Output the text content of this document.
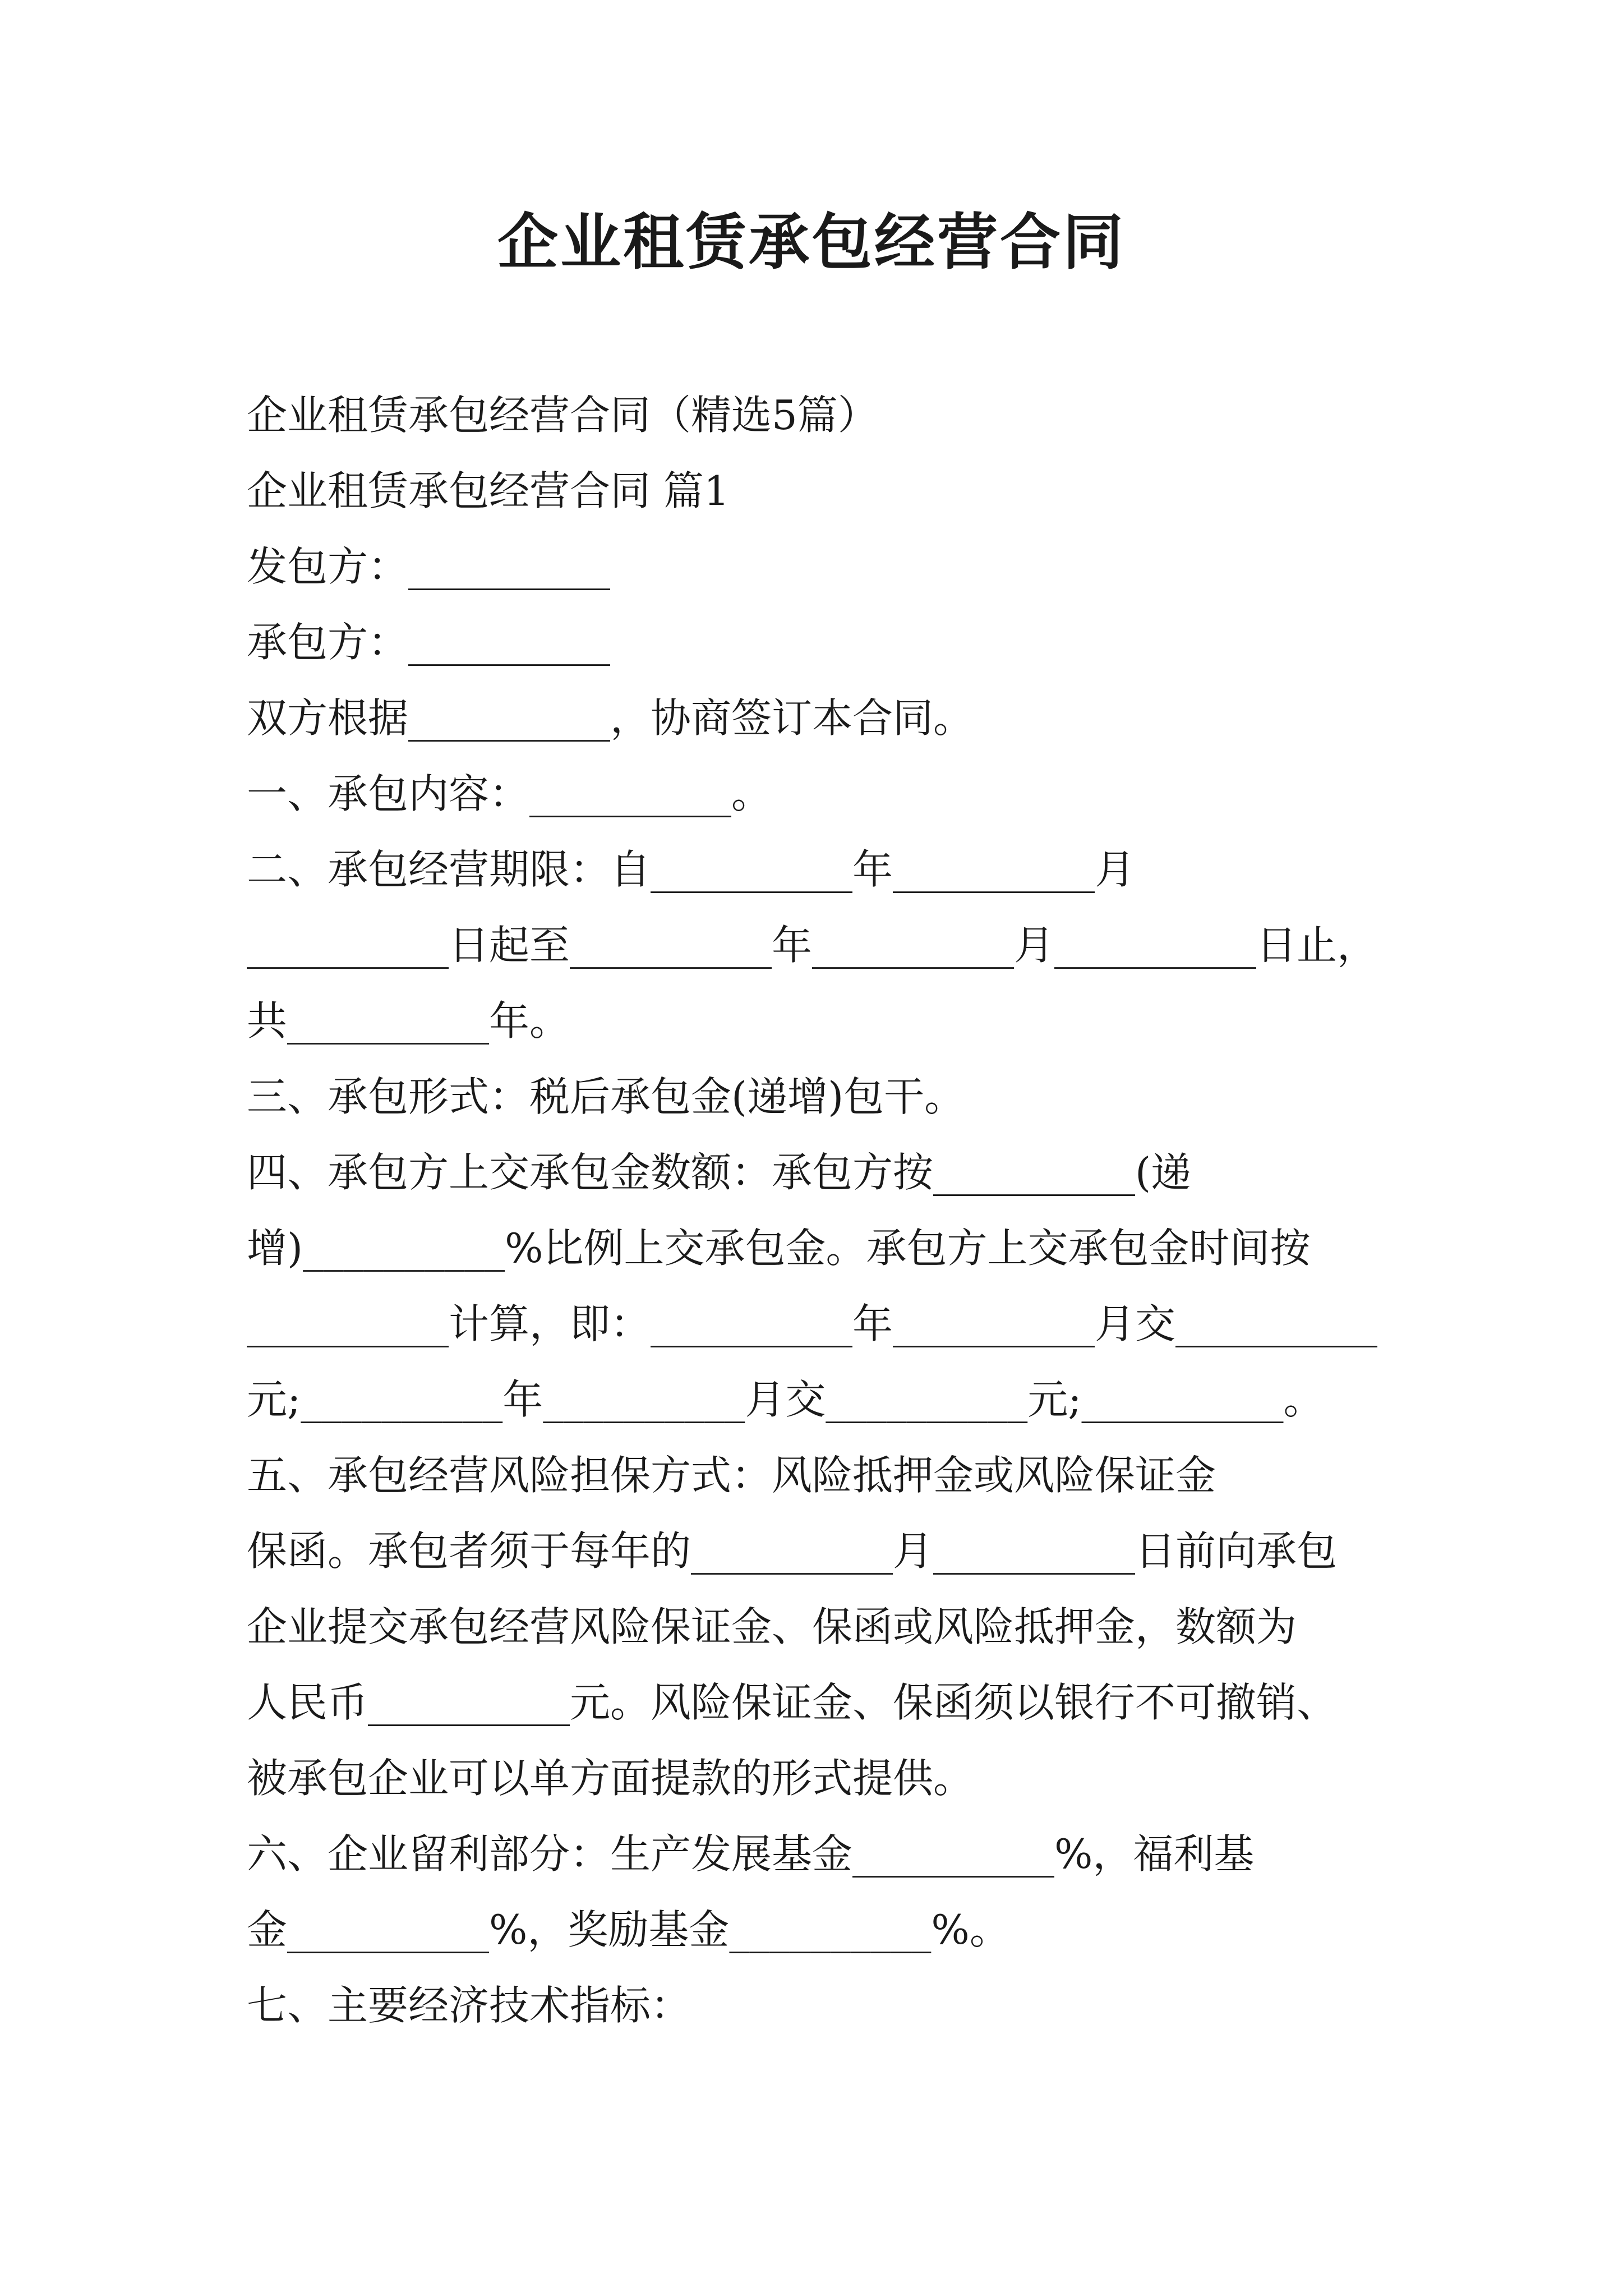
企业租赁承包经营合同
企业租赁承包经营合同（精选5篇）
企业租赁承包经营合同 篇1
发包方：__________
承包方：__________
双方根据__________，协商签订本合同。
一、承包内容：__________。
二、承包经营期限：自__________年__________月
__________日起至__________年__________月__________日止，
共__________年。
三、承包形式：税后承包金(递增)包干。
四、承包方上交承包金数额：承包方按__________(递
增)__________%比例上交承包金。承包方上交承包金时间按
__________计算，即：__________年__________月交__________
元;__________年__________月交__________元;__________。
五、承包经营风险担保方式：风险抵押金或风险保证金
保函。承包者须于每年的__________月__________日前向承包
企业提交承包经营风险保证金、保函或风险抵押金，数额为
人民币__________元。风险保证金、保函须以银行不可撤销、
被承包企业可以单方面提款的形式提供。
六、企业留利部分：生产发展基金__________%，福利基
金__________%，奖励基金__________%。
七、主要经济技术指标：
